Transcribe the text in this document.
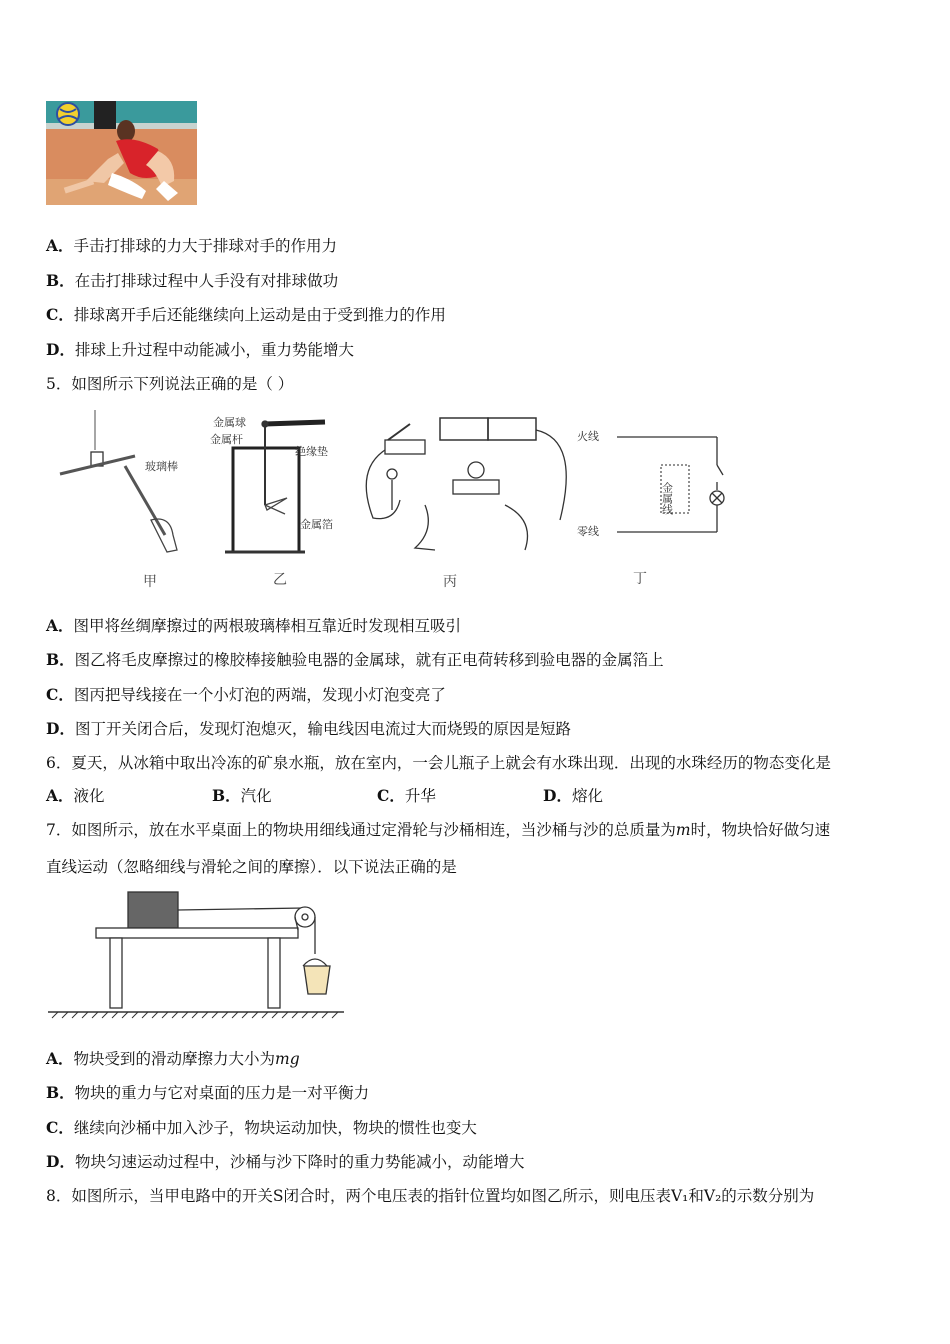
A．手击打排球的力大于排球对手的作用力
B．在击打排球过程中人手没有对排球做功
C．排球离开手后还能继续向上运动是由于受到推力的作用
D．排球上升过程中动能减小，重力势能增大
5．如图所示下列说法正确的是（ ）
玻璃棒
甲
金属球
金属杆
绝缘垫
金属箔
乙	丙
火线
零线
金属线
丁
A．图甲将丝绸摩擦过的两根玻璃棒相互靠近时发现相互吸引
B．图乙将毛皮摩擦过的橡胶棒接触验电器的金属球，就有正电荷转移到验电器的金属箔上
C．图丙把导线接在一个小灯泡的两端，发现小灯泡变亮了
D．图丁开关闭合后，发现灯泡熄灭，输电线因电流过大而烧毁的原因是短路
6．夏天，从冰箱中取出冷冻的矿泉水瓶，放在室内，一会儿瓶子上就会有水珠出现．出现的水珠经历的物态变化是
A．液化	B．汽化	C．升华	D．熔化
7．如图所示，放在水平桌面上的物块用细线通过定滑轮与沙桶相连，当沙桶与沙的总质量为m时，物块恰好做匀速
直线运动（忽略细线与滑轮之间的摩擦）．以下说法正确的是
A．物块受到的滑动摩擦力大小为mg
B．物块的重力与它对桌面的压力是一对平衡力
C．继续向沙桶中加入沙子，物块运动加快，物块的惯性也变大
D．物块匀速运动过程中，沙桶与沙下降时的重力势能减小，动能增大
8．如图所示，当甲电路中的开关S闭合时，两个电压表的指针位置均如图乙所示，则电压表V₁和V₂的示数分别为
